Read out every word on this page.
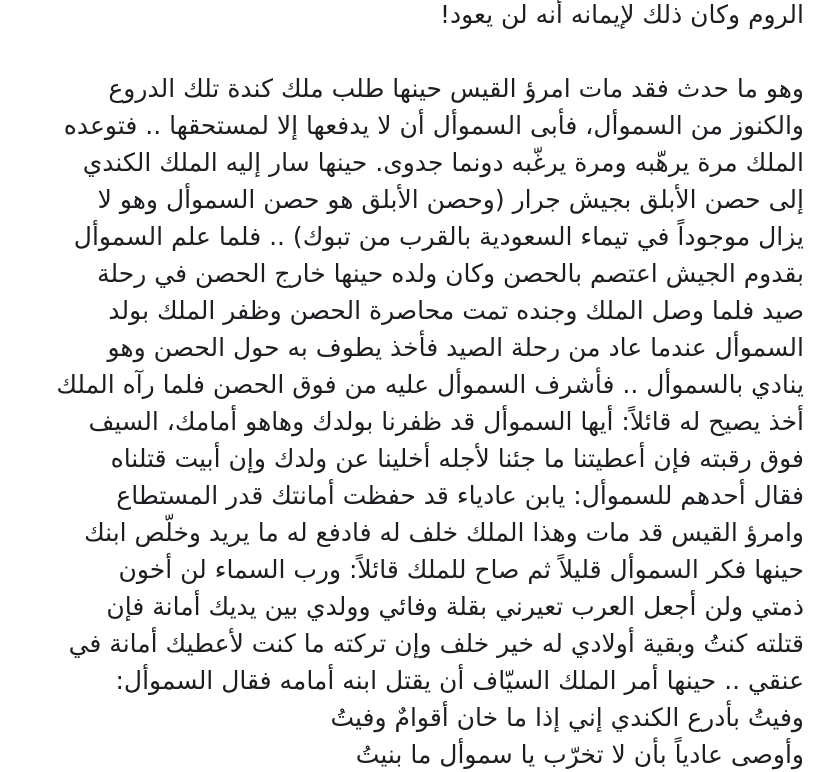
الروم وكان ذلك لإيمانه أنه لن يعود!
وهو ما حدث فقد مات امرؤ القيس حينها طلب ملك كندة تلك الدروع
والكنوز من السموأل، فأبى السموأل أن لا يدفعها إلا لمستحقها .. فتوعده
الملك مرة يرهّبه ومرة يرغّبه دونما جدوى. حينها سار إليه الملك الكندي
إلى حصن الأبلق بجيش جرار (وحصن الأبلق هو حصن السموأل وهو لا
يزال موجوداً في تيماء السعودية بالقرب من تبوك) .. فلما علم السموأل
بقدوم الجيش اعتصم بالحصن وكان ولده حينها خارج الحصن في رحلة
صيد فلما وصل الملك وجنده تمت محاصرة الحصن وظفر الملك بولد
السموأل عندما عاد من رحلة الصيد فأخذ يطوف به حول الحصن وهو
ينادي بالسموأل .. فأشرف السموأل عليه من فوق الحصن فلما رآه الملك
أخذ يصيح له قائلاً: أيها السموأل قد ظفرنا بولدك وهاهو أمامك، السيف
فوق رقبته فإن أعطيتنا ما جئنا لأجله أخلينا عن ولدك وإن أبيت قتلناه
فقال أحدهم للسموأل: يابن عادياء قد حفظت أمانتك قدر المستطاع
وامرؤ القيس قد مات وهذا الملك خلف له فادفع له ما يريد وخلّص ابنك
حينها فكر السموأل قليلاً ثم صاح للملك قائلاً: ورب السماء لن أخون
ذمتي ولن أجعل العرب تعيرني بقلة وفائي وولدي بين يديك أمانة فإن
قتلته كنتُ وبقية أولادي له خير خلف وإن تركته ما كنت لأعطيك أمانة في
عنقي .. حينها أمر الملك السيّاف أن يقتل ابنه أمامه فقال السموأل:
وفيتُ بأدرع الكندي إني إذا ما خان أقوامٌ وفيتُ
وأوصى عادياً بأن لا تخرّب يا سموأل ما بنيتُ
